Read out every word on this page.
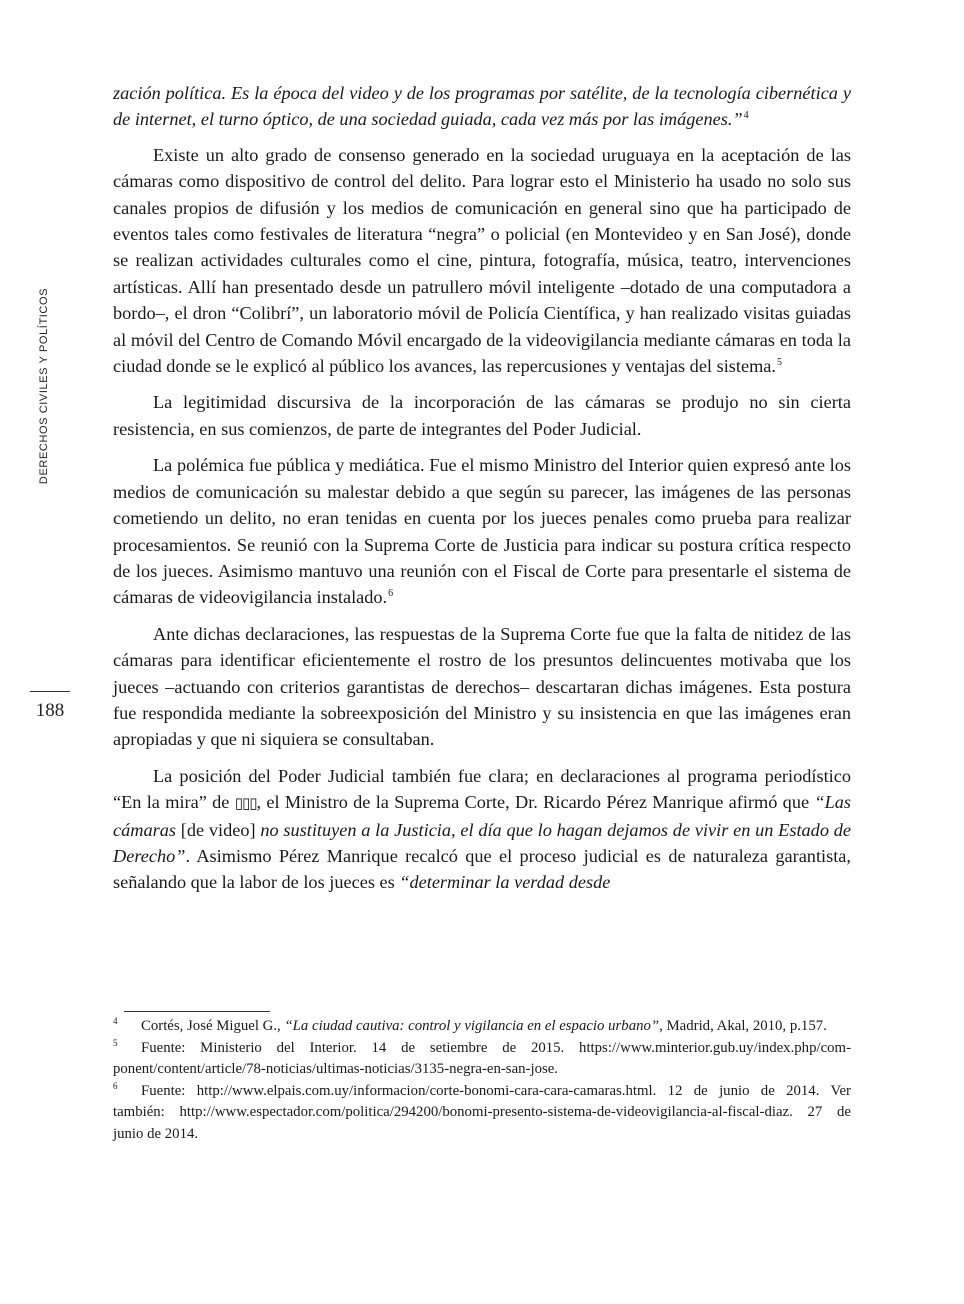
DERECHOS CIVILES Y POLÍTICOS
188

zación política. Es la época del video y de los programas por satélite, de la tecnología cibernética y de internet, el turno óptico, de una sociedad guiada, cada vez más por las imágenes.”$^4$

Existe un alto grado de consenso generado en la sociedad uruguaya en la aceptación de las cámaras como dispositivo de control del delito. Para lograr esto el Ministerio ha usado no solo sus canales propios de difusión y los medios de comunicación en general sino que ha participado de eventos tales como festivales de literatura “negra” o policial (en Montevideo y en San José), donde se realizan actividades culturales como el cine, pintura, fotografía, música, teatro, intervenciones artísticas. Allí han presentado desde un patrullero móvil inteligente –dotado de una computadora a bordo–, el dron “Colibrí”, un laboratorio móvil de Policía Científica, y han realizado visitas guiadas al móvil del Centro de Comando Móvil encargado de la videovigilancia mediante cámaras en toda la ciudad donde se le explicó al público los avances, las repercusiones y ventajas del sistema.$^5$

La legitimidad discursiva de la incorporación de las cámaras se produjo no sin cierta resistencia, en sus comienzos, de parte de integrantes del Poder Judicial.

La polémica fue pública y mediática. Fue el mismo Ministro del Interior quien expresó ante los medios de comunicación su malestar debido a que según su parecer, las imágenes de las personas cometiendo un delito, no eran tenidas en cuenta por los jueces penales como prueba para realizar procesamientos. Se reunió con la Suprema Corte de Justicia para indicar su postura crítica respecto de los jueces. Asimismo mantuvo una reunión con el Fiscal de Corte para presentarle el sistema de cámaras de videovigilancia instalado.$^6$

Ante dichas declaraciones, las respuestas de la Suprema Corte fue que la falta de nitidez de las cámaras para identificar eficientemente el rostro de los presuntos delincuentes motivaba que los jueces –actuando con criterios garantistas de derechos– descartaran dichas imágenes. Esta postura fue respondida mediante la sobreexposición del Ministro y su insistencia en que las imágenes eran apropiadas y que ni siquiera se consultaban.

La posición del Poder Judicial también fue clara; en declaraciones al programa periodístico “En la mira” de ▯▯▯, el Ministro de la Suprema Corte, Dr. Ricardo Pérez Manrique afirmó que “Las cámaras [de video] no sustituyen a la Justicia, el día que lo hagan dejamos de vivir en un Estado de Derecho”. Asimismo Pérez Manrique recalcó que el proceso judicial es de naturaleza garantista, señalando que la labor de los jueces es “determinar la verdad desde

4 Cortés, José Miguel G., “La ciudad cautiva: control y vigilancia en el espacio urbano”, Madrid, Akal, 2010, p.157.

5 Fuente: Ministerio del Interior. 14 de setiembre de 2015. https://www.minterior.gub.uy/index.php/component/content/article/78-noticias/ultimas-noticias/3135-negra-en-san-jose.

6 Fuente: http://www.elpais.com.uy/informacion/corte-bonomi-cara-cara-camaras.html. 12 de junio de 2014. Ver también: http://www.espectador.com/politica/294200/bonomi-presento-sistema-de-videovigilancia-al-fiscal-diaz. 27 de junio de 2014.
